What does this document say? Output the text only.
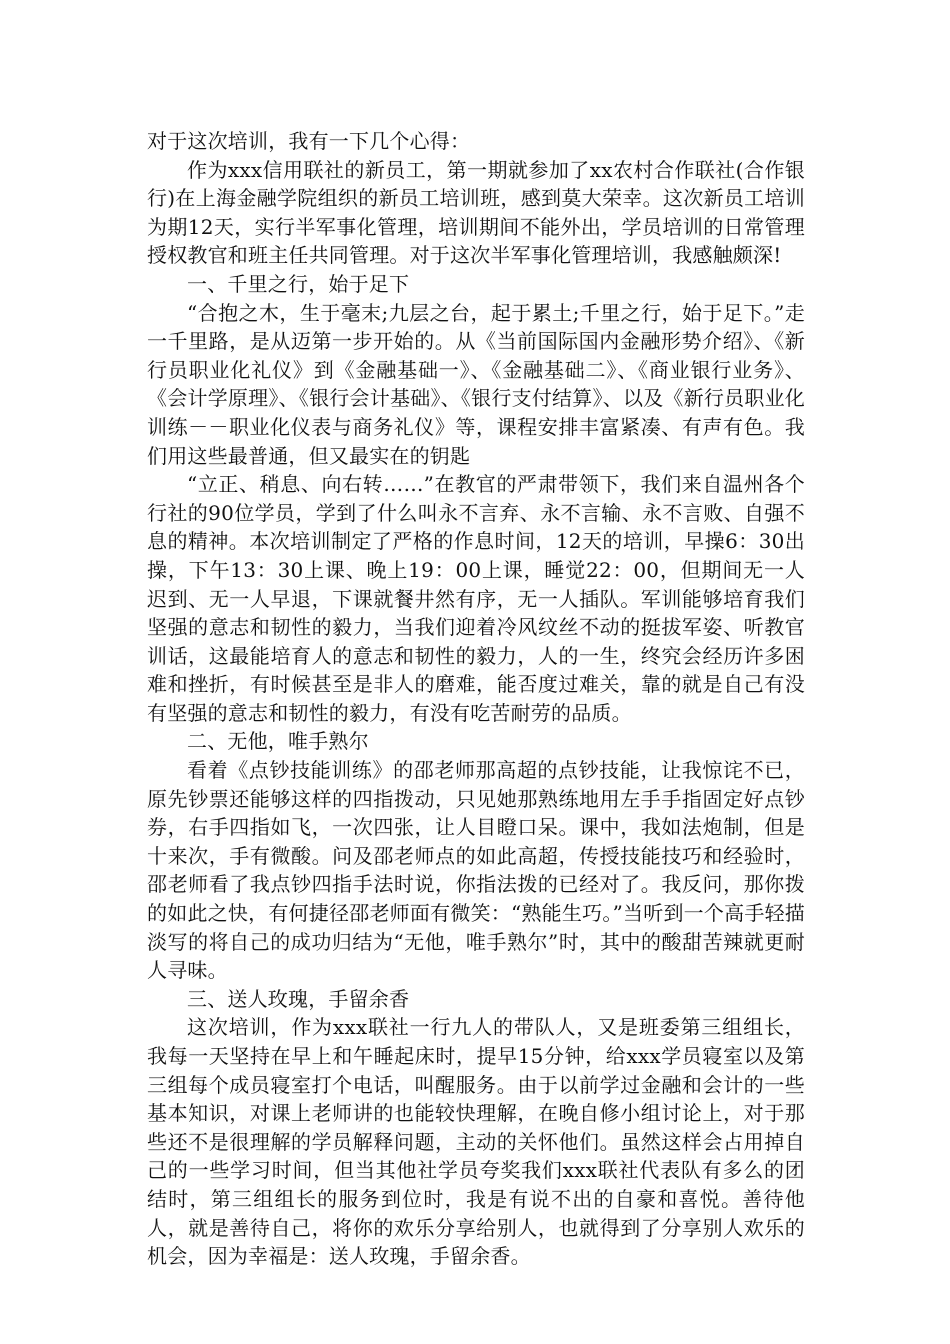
对于这次培训，我有一下几个心得：

作为xxx信用联社的新员工，第一期就参加了xx农村合作联社(合作银行)在上海金融学院组织的新员工培训班，感到莫大荣幸。这次新员工培训为期12天，实行半军事化管理，培训期间不能外出，学员培训的日常管理授权教官和班主任共同管理。对于这次半军事化管理培训，我感触颇深!

一、千里之行，始于足下

“合抱之木，生于毫末;九层之台，起于累土;千里之行，始于足下。”走一千里路，是从迈第一步开始的。从《当前国际国内金融形势介绍》、《新行员职业化礼仪》到《金融基础一》、《金融基础二》、《商业银行业务》、《会计学原理》、《银行会计基础》、《银行支付结算》、以及《新行员职业化训练－－职业化仪表与商务礼仪》等，课程安排丰富紧凑、有声有色。我们用这些最普通，但又最实在的钥匙

“立正、稍息、向右转……”在教官的严肃带领下，我们来自温州各个行社的90位学员，学到了什么叫永不言弃、永不言输、永不言败、自强不息的精神。本次培训制定了严格的作息时间，12天的培训，早操6：30出操，下午13：30上课、晚上19：00上课，睡觉22：00，但期间无一人迟到、无一人早退，下课就餐井然有序，无一人插队。军训能够培育我们坚强的意志和韧性的毅力，当我们迎着冷风纹丝不动的挺拔军姿、听教官训话，这最能培育人的意志和韧性的毅力，人的一生，终究会经历许多困难和挫折，有时候甚至是非人的磨难，能否度过难关，靠的就是自己有没有坚强的意志和韧性的毅力，有没有吃苦耐劳的品质。

二、无他，唯手熟尔

看着《点钞技能训练》的邵老师那高超的点钞技能，让我惊诧不已，原先钞票还能够这样的四指拨动，只见她那熟练地用左手手指固定好点钞券，右手四指如飞，一次四张，让人目瞪口呆。课中，我如法炮制，但是十来次，手有微酸。问及邵老师点的如此高超，传授技能技巧和经验时，邵老师看了我点钞四指手法时说，你指法拨的已经对了。我反问，那你拨的如此之快，有何捷径邵老师面有微笑：“熟能生巧。”当听到一个高手轻描淡写的将自己的成功归结为“无他，唯手熟尔”时，其中的酸甜苦辣就更耐人寻味。

三、送人玫瑰，手留余香

这次培训，作为xxx联社一行九人的带队人，又是班委第三组组长，我每一天坚持在早上和午睡起床时，提早15分钟，给xxx学员寝室以及第三组每个成员寝室打个电话，叫醒服务。由于以前学过金融和会计的一些基本知识，对课上老师讲的也能较快理解，在晚自修小组讨论上，对于那些还不是很理解的学员解释问题，主动的关怀他们。虽然这样会占用掉自己的一些学习时间，但当其他社学员夸奖我们xxx联社代表队有多么的团结时，第三组组长的服务到位时，我是有说不出的自豪和喜悦。善待他人，就是善待自己，将你的欢乐分享给别人，也就得到了分享别人欢乐的机会，因为幸福是：送人玫瑰，手留余香。
